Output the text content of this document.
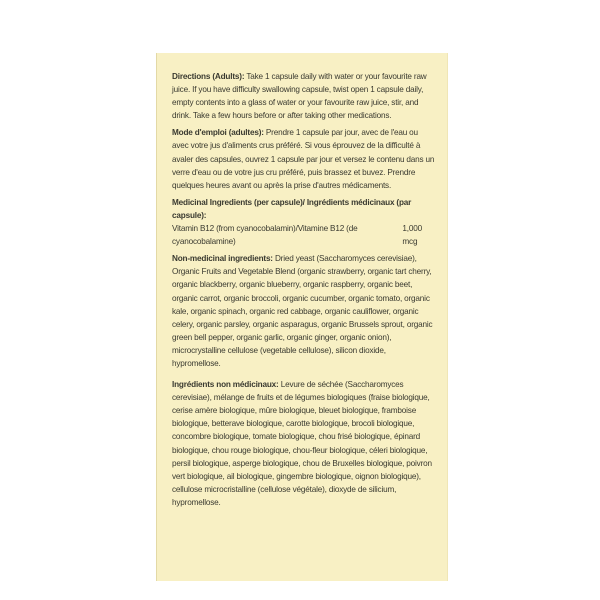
Directions (Adults): Take 1 capsule daily with water or your favourite raw juice. If you have difficulty swallowing capsule, twist open 1 capsule daily, empty contents into a glass of water or your favourite raw juice, stir, and drink. Take a few hours before or after taking other medications.

Mode d'emploi (adultes): Prendre 1 capsule par jour, avec de l'eau ou avec votre jus d'aliments crus préféré. Si vous éprouvez de la difficulté à avaler des capsules, ouvrez 1 capsule par jour et versez le contenu dans un verre d'eau ou de votre jus cru préféré, puis brassez et buvez. Prendre quelques heures avant ou après la prise d'autres médicaments.

Medicinal Ingredients (per capsule)/ Ingrédients médicinaux (par capsule):

Vitamin B12 (from cyanocobalamin)/Vitamine B12 (de cyanocobalamine)
1,000 mcg

Non-medicinal ingredients: Dried yeast (Saccharomyces cerevisiae), Organic Fruits and Vegetable Blend (organic strawberry, organic tart cherry, organic blackberry, organic blueberry, organic raspberry, organic beet, organic carrot, organic broccoli, organic cucumber, organic tomato, organic kale, organic spinach, organic red cabbage, organic cauliflower, organic celery, organic parsley, organic asparagus, organic Brussels sprout, organic green bell pepper, organic garlic, organic ginger, organic onion), microcrystalline cellulose (vegetable cellulose), silicon dioxide, hypromellose.

Ingrédients non médicinaux: Levure de séchée (Saccharomyces cerevisiae), mélange de fruits et de légumes biologiques (fraise biologique, cerise amère biologique, mûre biologique, bleuet biologique, framboise biologique, betterave biologique, carotte biologique, brocoli biologique, concombre biologique, tomate biologique, chou frisé biologique, épinard biologique, chou rouge biologique, chou-fleur biologique, céleri biologique, persil biologique, asperge biologique, chou de Bruxelles biologique, poivron vert biologique, ail biologique, gingembre biologique, oignon biologique), cellulose microcristalline (cellulose végétale), dioxyde de silicium, hypromellose.
